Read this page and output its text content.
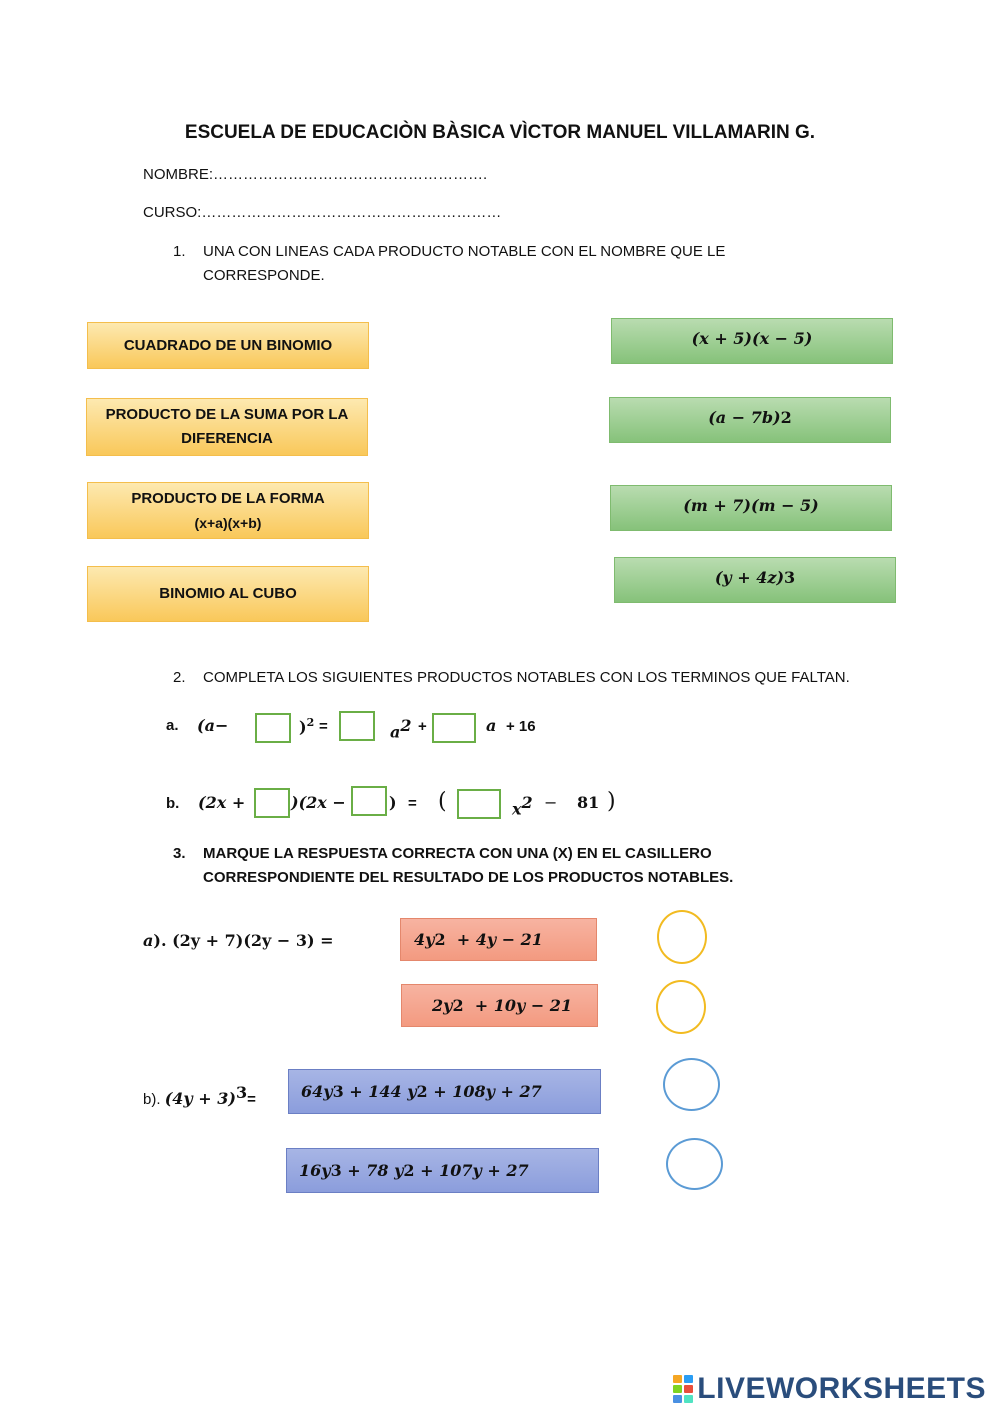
ESCUELA DE EDUCACIÒN BÀSICA VÌCTOR MANUEL VILLAMARIN G.
NOMBRE:……………………………………………….
CURSO:……………………………………………………
1. UNA CON LINEAS CADA PRODUCTO NOTABLE CON EL NOMBRE QUE LE CORRESPONDE.
CUADRADO DE UN BINOMIO
PRODUCTO DE LA SUMA POR LA
DIFERENCIA
PRODUCTO DE LA FORMA
(x+a)(x+b)
BINOMIO AL CUBO
(x + 5)(x − 5)
(a − 7b) 2
(m + 7)(m − 5)
(y + 4z) 3
2. COMPLETA LOS SIGUIENTES PRODUCTOS NOTABLES CON LOS TERMINOS QUE FALTAN.
a. (a−	)$^2$ =	$a^2$ +	a + 16
b. (2x +	)(2x −	) = (	$x^2 - 81$ )
3. MARQUE LA RESPUESTA CORRECTA CON UNA (X) EN EL CASILLERO CORRESPONDIENTE DEL RESULTADO DE LOS PRODUCTOS NOTABLES.
a). (2y + 7)(2y − 3) =	4y 2 + 4y − 21
2y 2 + 10y − 21
b). $(4y + 3)^3=$	64y 3 + 144 y 2 + 108y + 27
16y 3 + 78 y 2 + 107y + 27
LIVEWORKSHEETS
